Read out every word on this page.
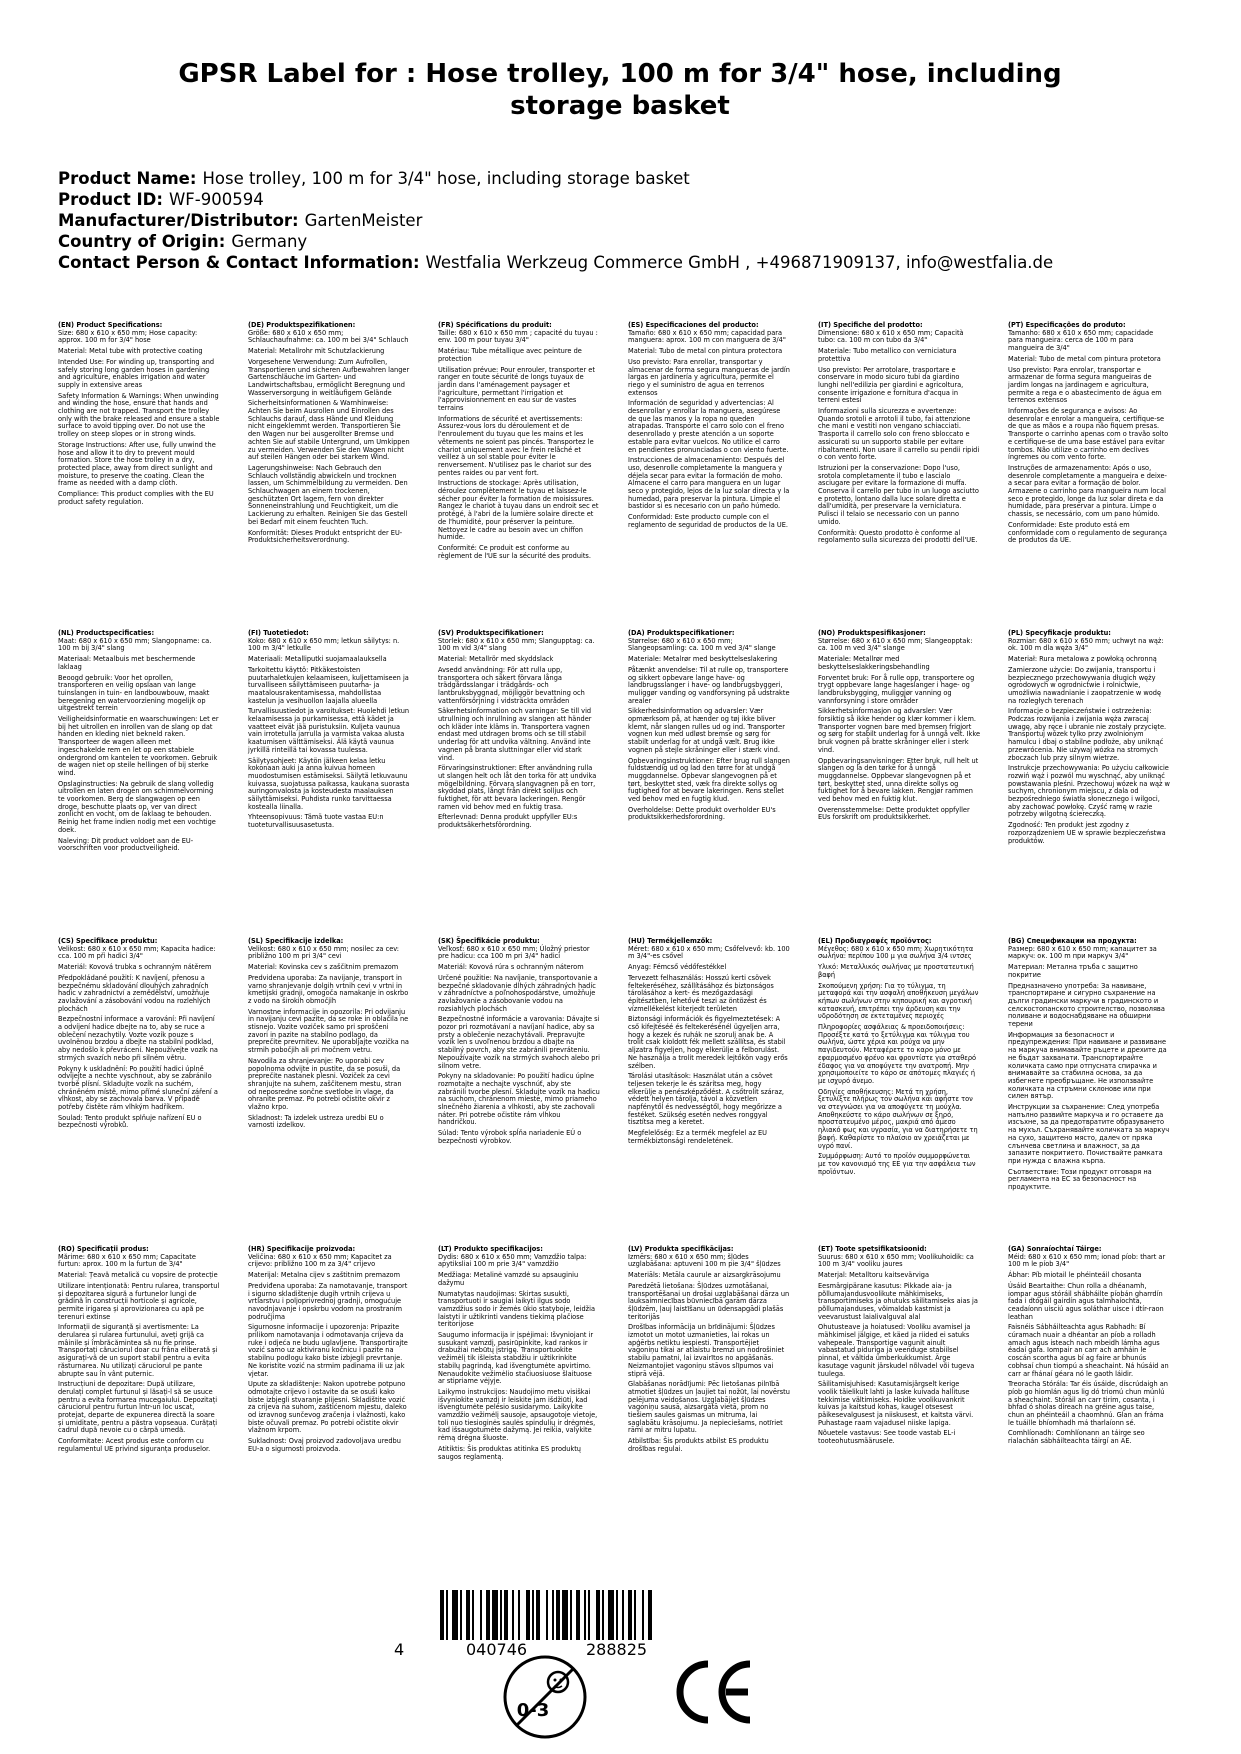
GPSR Label for : Hose trolley, 100 m for 3/4" hose, including storage basket
Product Name: Hose trolley, 100 m for 3/4" hose, including storage basket
Product ID: WF-900594
Manufacturer/Distributor: GartenMeister
Country of Origin: Germany
Contact Person & Contact Information: Westfalia Werkzeug Commerce GmbH , +496871909137, info@westfalia.de

(EN) Product Specifications:

Size: 680 x 610 x 650 mm; Hose capacity: approx. 100 m for 3/4" hose

Material: Metal tube with protective coating

Intended Use: For winding up, transporting and safely storing long garden hoses in gardening and agriculture, enables irrigation and water supply in extensive areas

Safety Information & Warnings: When unwinding and winding the hose, ensure that hands and clothing are not trapped. Transport the trolley only with the brake released and ensure a stable surface to avoid tipping over. Do not use the trolley on steep slopes or in strong winds.

Storage Instructions: After use, fully unwind the hose and allow it to dry to prevent mould formation. Store the hose trolley in a dry, protected place, away from direct sunlight and moisture, to preserve the coating. Clean the frame as needed with a damp cloth.

Compliance: This product complies with the EU product safety regulation.

(DE) Produktspezifikationen:

Größe: 680 x 610 x 650 mm; Schlauchaufnahme: ca. 100 m bei 3/4" Schlauch

Material: Metallrohr mit Schutzlackierung

Vorgesehene Verwendung: Zum Aufrollen, Transportieren und sicheren Aufbewahren langer Gartenschläuche im Garten- und Landwirtschaftsbau, ermöglicht Beregnung und Wasserversorgung in weitläufigem Gelände

Sicherheitsinformationen & Warnhinweise: Achten Sie beim Ausrollen und Einrollen des Schlauchs darauf, dass Hände und Kleidung nicht eingeklemmt werden. Transportieren Sie den Wagen nur bei ausgerollter Bremse und achten Sie auf stabile Untergrund, um Umkippen zu vermeiden. Verwenden Sie den Wagen nicht auf steilen Hängen oder bei starkem Wind.

Lagerungshinweise: Nach Gebrauch den Schlauch vollständig abwickeln und trocknen lassen, um Schimmelbildung zu vermeiden. Den Schlauchwagen an einem trockenen, geschützten Ort lagern, fern von direkter Sonneneinstrahlung und Feuchtigkeit, um die Lackierung zu erhalten. Reinigen Sie das Gestell bei Bedarf mit einem feuchten Tuch.

Konformität: Dieses Produkt entspricht der EU-Produktsicherheitsverordnung.

(FR) Spécifications du produit:

Taille: 680 x 610 x 650 mm ; capacité du tuyau : env. 100 m pour tuyau 3/4"

Matériau: Tube métallique avec peinture de protection

Utilisation prévue: Pour enrouler, transporter et ranger en toute sécurité de longs tuyaux de jardin dans l'aménagement paysager et l'agriculture, permettant l'irrigation et l'approvisionnement en eau sur de vastes terrains

Informations de sécurité et avertissements: Assurez-vous lors du déroulement et de l'enroulement du tuyau que les mains et les vêtements ne soient pas pincés. Transportez le chariot uniquement avec le frein relâché et veillez à un sol stable pour éviter le renversement. N'utilisez pas le chariot sur des pentes raides ou par vent fort.

Instructions de stockage: Après utilisation, déroulez complètement le tuyau et laissez-le sécher pour éviter la formation de moisissures. Rangez le chariot à tuyau dans un endroit sec et protégé, à l'abri de la lumière solaire directe et de l'humidité, pour préserver la peinture. Nettoyez le cadre au besoin avec un chiffon humide.

Conformité: Ce produit est conforme au règlement de l'UE sur la sécurité des produits.

(ES) Especificaciones del producto:

Tamaño: 680 x 610 x 650 mm; capacidad para manguera: aprox. 100 m con manguera de 3/4"

Material: Tubo de metal con pintura protectora

Uso previsto: Para enrollar, transportar y almacenar de forma segura mangueras de jardín largas en jardinería y agricultura, permite el riego y el suministro de agua en terrenos extensos

Información de seguridad y advertencias: Al desenrollar y enrollar la manguera, asegúrese de que las manos y la ropa no queden atrapadas. Transporte el carro solo con el freno desenrollado y preste atención a un soporte estable para evitar vuelcos. No utilice el carro en pendientes pronunciadas o con viento fuerte.

Instrucciones de almacenamiento: Después del uso, desenrolle completamente la manguera y déjela secar para evitar la formación de moho. Almacene el carro para manguera en un lugar seco y protegido, lejos de la luz solar directa y la humedad, para preservar la pintura. Limpie el bastidor si es necesario con un paño húmedo.

Conformidad: Este producto cumple con el reglamento de seguridad de productos de la UE.

(IT) Specifiche del prodotto:

Dimensione: 680 x 610 x 650 mm; Capacità tubo: ca. 100 m con tubo da 3/4"

Materiale: Tubo metallico con verniciatura protettiva

Uso previsto: Per arrotolare, trasportare e conservare in modo sicuro tubi da giardino lunghi nell'edilizia per giardini e agricoltura, consente irrigazione e fornitura d'acqua in terreni estesi

Informazioni sulla sicurezza e avvertenze: Quando srotoli e arrotoli il tubo, fai attenzione che mani e vestiti non vengano schiacciati. Trasporta il carrello solo con freno sbloccato e assicurati su un supporto stabile per evitare ribaltamenti. Non usare il carrello su pendii ripidi o con vento forte.

Istruzioni per la conservazione: Dopo l'uso, srotola completamente il tubo e lascialo asciugare per evitare la formazione di muffa. Conserva il carrello per tubo in un luogo asciutto e protetto, lontano dalla luce solare diretta e dall'umidità, per preservare la verniciatura. Pulisci il telaio se necessario con un panno umido.

Conformità: Questo prodotto è conforme al regolamento sulla sicurezza dei prodotti dell'UE.

(PT) Especificações do produto:

Tamanho: 680 x 610 x 650 mm; capacidade para mangueira: cerca de 100 m para mangueira de 3/4"

Material: Tubo de metal com pintura protetora

Uso previsto: Para enrolar, transportar e armazenar de forma segura mangueiras de jardim longas na jardinagem e agricultura, permite a rega e o abastecimento de água em terrenos extensos

Informações de segurança e avisos: Ao desenrolar e enrolar a mangueira, certifique-se de que as mãos e a roupa não fiquem presas. Transporte o carrinho apenas com o travão solto e certifique-se de uma base estável para evitar tombos. Não utilize o carrinho em declives íngremes ou com vento forte.

Instruções de armazenamento: Após o uso, desenrole completamente a mangueira e deixe-a secar para evitar a formação de bolor. Armazene o carrinho para mangueira num local seco e protegido, longe da luz solar direta e da humidade, para preservar a pintura. Limpe o chassis, se necessário, com um pano húmido.

Conformidade: Este produto está em conformidade com o regulamento de segurança de produtos da UE.

(NL) Productspecificaties:

Maat: 680 x 610 x 650 mm; Slangopname: ca. 100 m bij 3/4" slang

Materiaal: Metaalbuis met beschermende laklaag

Beoogd gebruik: Voor het oprollen, transporteren en veilig opslaan van lange tuinslangen in tuin- en landbouwbouw, maakt beregening en watervoorziening mogelijk op uitgestrekt terrein

Veiligheidsinformatie en waarschuwingen: Let er bij het uitrollen en inrollen van de slang op dat handen en kleding niet bekneld raken. Transporteer de wagen alleen met ingeschakelde rem en let op een stabiele ondergrond om kantelen te voorkomen. Gebruik de wagen niet op steile hellingen of bij sterke wind.

Opslaginstructies: Na gebruik de slang volledig uitrollen en laten drogen om schimmelvorming te voorkomen. Berg de slangwagen op een droge, beschutte plaats op, ver van direct zonlicht en vocht, om de laklaag te behouden. Reinig het frame indien nodig met een vochtige doek.

Naleving: Dit product voldoet aan de EU-voorschriften voor productveiligheid.

(FI) Tuotetiedot:

Koko: 680 x 610 x 650 mm; letkun säilytys: n. 100 m 3/4" letkulle

Materiaali: Metalliputki suojamaalauksella

Tarkoitettu käyttö: Pitkäkestoisten puutarhaletkujen kelaamiseen, kuljettamiseen ja turvalliseen säilyttämiseen puutarha- ja maatalousrakentamisessa, mahdollistaa kastelun ja vesihuollon laajalla alueella

Turvallisuustiedot ja varoitukset: Huolehdi letkun kelaamisessa ja purkamisessa, että kädet ja vaatteet eivät jää puristuksiin. Kuljeta vaunua vain irrotetulla jarrulla ja varmista vakaa alusta kaatumisen välttämiseksi. Älä käytä vaunua jyrkillä rinteillä tai kovassa tuulessa.

Säilytysohjeet: Käytön jälkeen kelaa letku kokonaan auki ja anna kuivua homeen muodostumisen estämiseksi. Säilytä letkuvaunu kuivassa, suojatussa paikassa, kaukana suorasta auringonvalosta ja kosteudesta maalauksen säilyttämiseksi. Puhdista runko tarvittaessa kostealla liinalla.

Yhteensopivuus: Tämä tuote vastaa EU:n tuoteturvallisuusasetusta.

(SV) Produktspecifikationer:

Storlek: 680 x 610 x 650 mm; Slangupptag: ca. 100 m vid 3/4" slang

Material: Metallrör med skyddslack

Avsedd användning: För att rulla upp, transportera och säkert förvara långa trädgårdsslangar i trädgårds- och lantbruksbyggnad, möjliggör bevattning och vattenförsörjning i vidsträckta områden

Säkerhetsinformation och varningar: Se till vid utrullning och inrullning av slangen att händer och kläder inte kläms in. Transportera vagnen endast med utdragen broms och se till stabil underlag för att undvika vältning. Använd inte vagnen på branta sluttningar eller vid stark vind.

Förvaringsinstruktioner: Efter användning rulla ut slangen helt och låt den torka för att undvika mögelbildning. Förvara slangvagnen på en torr, skyddad plats, långt från direkt solljus och fuktighet, för att bevara lackeringen. Rengör ramen vid behov med en fuktig trasa.

Efterlevnad: Denna produkt uppfyller EU:s produktsäkerhetsförordning.

(DA) Produktspecifikationer:

Størrelse: 680 x 610 x 650 mm; Slangeopsamling: ca. 100 m ved 3/4" slange

Materiale: Metalrør med beskyttelseslakering

Påtænkt anvendelse: Til at rulle op, transportere og sikkert opbevare lange have- og landbrugsslanger i have- og landbrugsbyggeri, muliggør vanding og vandforsyning på udstrakte arealer

Sikkerhedsinformation og advarsler: Vær opmærksom på, at hænder og tøj ikke bliver klemt, når slangen rulles ud og ind. Transporter vognen kun med udløst bremse og sørg for stabilt underlag for at undgå vælt. Brug ikke vognen på stejle skråninger eller i stærk vind.

Opbevaringsinstruktioner: Efter brug rull slangen fuldstændig ud og lad den tørre for at undgå muggdannelse. Opbevar slangevognen på et tørt, beskyttet sted, væk fra direkte sollys og fugtighed for at bevare lakeringen. Rens stellet ved behov med en fugtig klud.

Overholdelse: Dette produkt overholder EU's produktsikkerhedsforordning.

(NO) Produktspesifikasjoner:

Størrelse: 680 x 610 x 650 mm; Slangeopptak: ca. 100 m ved 3/4" slange

Materiale: Metallrør med beskyttelseslakkeringsbehandling

Forventet bruk: For å rulle opp, transportere og trygt oppbevare lange hageslanger i hage- og landbruksbygging, muliggjør vanning og vannforsyning i store områder

Sikkerhetsinformasjon og advarsler: Vær forsiktig så ikke hender og klær kommer i klem. Transporter vognen bare med bremsen frigjort og sørg for stabilt underlag for å unngå velt. Ikke bruk vognen på bratte skråninger eller i sterk vind.

Oppbevaringsanvisninger: Etter bruk, rull helt ut slangen og la den tørke for å unngå muggdannelse. Oppbevar slangevognen på et tørt, beskyttet sted, unna direkte sollys og fuktighet for å bevare lakken. Rengjør rammen ved behov med en fuktig klut.

Overensstemmelse: Dette produktet oppfyller EUs forskrift om produktsikkerhet.

(PL) Specyfikacje produktu:

Rozmiar: 680 x 610 x 650 mm; uchwyt na wąż: ok. 100 m dla węża 3/4"

Materiał: Rura metalowa z powłoką ochronną

Zamierzone użycie: Do zwijania, transportu i bezpiecznego przechowywania długich węży ogrodowych w ogrodnictwie i rolnictwie, umożliwia nawadnianie i zaopatrzenie w wodę na rozległych terenach

Informacje o bezpieczeństwie i ostrzeżenia: Podczas rozwijania i zwijania węża zwracaj uwagę, aby ręce i ubranie nie zostały przycięte. Transportuj wózek tylko przy zwolnionym hamulcu i dbaj o stabilne podłoże, aby uniknąć przewrócenia. Nie używaj wózka na stromych zboczach lub przy silnym wietrze.

Instrukcje przechowywania: Po użyciu całkowicie rozwiń wąż i pozwól mu wyschnąć, aby uniknąć powstawania pleśni. Przechowuj wózek na wąż w suchym, chronionym miejscu, z dala od bezpośredniego światła słonecznego i wilgoci, aby zachować powłokę. Czyść ramę w razie potrzeby wilgotną ściereczką.

Zgodność: Ten produkt jest zgodny z rozporządzeniem UE w sprawie bezpieczeństwa produktów.

(CS) Specifikace produktu:

Velikost: 680 x 610 x 650 mm; Kapacita hadice: cca. 100 m při hadici 3/4"

Materiál: Kovová trubka s ochranným nátěrem

Předpokládané použití: K navíjení, přenosu a bezpečnému skladování dlouhých zahradních hadic v zahradnictví a zemědělství, umožňuje zavlažování a zásobování vodou na rozlehlých plochách

Bezpečnostní informace a varování: Při navíjení a odvíjení hadice dbejte na to, aby se ruce a oblečení nezachytily. Vozte vozík pouze s uvolněnou brzdou a dbejte na stabilní podklad, aby nedošlo k převrácení. Nepoužívejte vozík na strmých svazích nebo při silném větru.

Pokyny k uskladnění: Po použití hadici úplně odvíjejte a nechte vyschnout, aby se zabránilo tvorbě plísní. Skladujte vozík na suchém, chráněném místě, mimo přímé sluneční záření a vlhkost, aby se zachovala barva. V případě potřeby čistěte rám vlhkým hadříkem.

Soulad: Tento produkt splňuje nařízení EU o bezpečnosti výrobků.

(SL) Specifikacije izdelka:

Velikost: 680 x 610 x 650 mm; nosilec za cev: približno 100 m pri 3/4" cevi

Material: Kovinska cev s zaščitnim premazom

Predvidena uporaba: Za navijanje, transport in varno shranjevanje dolgih vrtnih cevi v vrtni in kmetijski gradnji, omogoča namakanje in oskrbo z vodo na širokih območjih

Varnostne informacije in opozorila: Pri odvijanju in navijanju cevi pazite, da se roke in oblačila ne stisnejo. Vozite voziček samo pri sproščeni zavori in pazite na stabilno podlago, da preprečite prevrnitev. Ne uporabljajte vozička na strmih pobočjih ali pri močnem vetru.

Navodila za shranjevanje: Po uporabi cev popolnoma odvijte in pustite, da se posuši, da preprečite nastanek plesni. Voziček za cevi shranjujte na suhem, zaščitenem mestu, stran od neposredne sončne svetlobe in vlage, da ohranite premaz. Po potrebi očistite okvir z vlažno krpo.

Skladnost: Ta izdelek ustreza uredbi EU o varnosti izdelkov.

(SK) Špecifikácie produktu:

Veľkosť: 680 x 610 x 650 mm; Úložný priestor pre hadicu: cca 100 m pri 3/4" hadici

Materiál: Kovová rúra s ochranným náterom

Určené použitie: Na navíjanie, transportovanie a bezpečné skladovanie dlhých záhradných hadíc v záhradníctve a poľnohospodárstve, umožňuje zavlažovanie a zásobovanie vodou na rozsiahlych plochách

Bezpečnostné informácie a varovania: Dávajte si pozor pri rozmotávaní a navíjaní hadice, aby sa prsty a oblečenie nezachytávali. Prepravujte vozík len s uvoľnenou brzdou a dbajte na stabilný povrch, aby ste zabránili prevráteniu. Nepoužívajte vozík na strmých svahoch alebo pri silnom vetre.

Pokyny na skladovanie: Po použití hadicu úplne rozmotajte a nechajte vyschnúť, aby ste zabránili tvorbe plesní. Skladujte vozík na hadicu na suchom, chránenom mieste, mimo priameho slnečného žiarenia a vlhkosti, aby ste zachovali náter. Pri potrebe očistite rám vlhkou handričkou.

Súlad: Tento výrobok spĺňa nariadenie EÚ o bezpečnosti výrobkov.

(HU) Termékjellemzők:

Méret: 680 x 610 x 650 mm; Csőfelvevő: kb. 100 m 3/4"-es csővel

Anyag: Fémcső védőfestékkel

Tervezett felhasználás: Hosszú kerti csövek feltekeréséhez, szállításához és biztonságos tárolásához a kert- és mezőgazdasági építésztben, lehetővé teszi az öntözést és vízmellékelést kiterjedt területen

Biztonsági információk és figyelmeztetések: A cső kifejtéséé és feltekerésénél ügyeljen arra, hogy a kezek és ruhák ne szorulj anak be. A trolit csak kioldott fék mellett szállítsa, és stabil aljzatra figyeljen, hogy elkerülje a felborulást. Ne használja a trolit meredek lejtőkön vagy erős szélben.

Tárolási utasítások: Használat után a csövet teljesen tekerje le és szárítsa meg, hogy elkerülje a penészképződést. A csőtrolit száraz, védett helyen tárolja, távol a közvetlen napfénytől és nedvességtől, hogy megőrizze a festéket. Szükség esetén nedves ronggyal tisztítsa meg a keretet.

Megfelelőség: Ez a termék megfelel az EU termékbiztonsági rendeletének.

(EL) Προδιαγραφές προϊόντος:

Μέγεθος: 680 x 610 x 650 mm; Χωρητικότητα σωλήνα: περίπου 100 μ για σωλήνα 3/4 ιντσες

Υλικό: Μεταλλικός σωλήνας με προστατευτική βαφή

Σκοπούμενη χρήση: Για το τύλιγμα, τη μεταφορά και την ασφαλή αποθήκευση μεγάλων κήπων σωλήνων στην κηπουρική και αγροτική κατασκευή, επιτρέπει την άρδευση και την υδροδότηση σε εκτεταμένες περιοχές

Πληροφορίες ασφάλειας & προειδοποιήσεις: Προσέξτε κατά το ξετύλιγμα και τύλιγμα του σωλήνα, ώστε χέρια και ρούχα να μην παγιδευτούν. Μεταφέρετε το καρο μόνο με εφαρμοσμένο φρένο και φροντίστε για σταθερό έδαφος για να αποφύγετε την ανατροπή. Μην χρησιμοποιείτε το κάρο σε απότομες πλαγιές ή με ισχυρό άνεμο.

Οδηγίες αποθήκευσης: Μετά τη χρήση, ξετυλίξτε πλήρως τον σωλήνα και αφήστε τον να στεγνώσει για να αποφύγετε τη μούχλα. Αποθηκεύστε το κάρο σωλήνων σε ξηρό, προστατευμένο μέρος, μακριά από άμεσο ηλιακό φως και υγρασία, για να διατηρήσετε τη βαφή. Καθαρίστε το πλαίσιο αν χρειάζεται με υγρό πανί.

Συμμόρφωση: Αυτό το προϊόν συμμορφώνεται με τον κανονισμό της ΕΕ για την ασφάλεια των προϊόντων.

(BG) Спецификации на продукта:

Размер: 680 x 610 x 650 mm; капацитет за маркуч: ок. 100 m при маркуч 3/4"

Материал: Метална тръба с защитно покритие

Предназначено употреба: За навиване, транспортиране и сигурно съхранение на дълги градински маркучи в градинското и селскостопанското строителство, позволява поливане и водоснабдяване на обширни терени

Информация за безопасност и предупреждения: При навиване и развиване на маркуча внимавайте ръцете и дрехите да не бъдат захванати. Транспортирайте количката само при отпусната спирачка и внимавайте за стабилна основа, за да избегнете преобръщане. Не използвайте количката на стръмни склонове или при силен вятър.

Инструкции за съхранение: След употреба напълно развийте маркуча и го оставете да изсъхне, за да предотвратите образуването на мухъл. Съхранявайте количката за маркуч на сухо, защитено място, далеч от пряка слънчева светлина и влажност, за да запазите покритието. Почиствайте рамката при нужда с влажна кърпа.

Съответствие: Този продукт отговаря на регламента на ЕС за безопасност на продуктите.

(RO) Specificații produs:

Mărime: 680 x 610 x 650 mm; Capacitate furtun: aprox. 100 m la furtun de 3/4"

Material: Țeavă metalică cu vopsire de protecție

Utilizare intenționată: Pentru rularea, transportul și depozitarea sigură a furtunelor lungi de grădină în construcții horticole și agricole, permite irigarea și aprovizionarea cu apă pe terenuri extinse

Informații de siguranță și avertismente: La derularea și rularea furtunului, aveți grijă ca mâinile și îmbrăcămintea să nu fie prinse. Transportați căruciorul doar cu frâna eliberată și asigurați-vă de un suport stabil pentru a evita răsturnarea. Nu utilizați căruciorul pe pante abrupte sau în vânt puternic.

Instrucțiuni de depozitare: După utilizare, derulați complet furtunul și lăsați-l să se usuce pentru a evita formarea mucegaiului. Depozitați căruciorul pentru furtun într-un loc uscat, protejat, departe de expunerea directă la soare și umiditate, pentru a păstra vopseaua. Curățați cadrul după nevoie cu o cârpă umedă.

Conformitate: Acest produs este conform cu regulamentul UE privind siguranța produselor.

(HR) Specifikacije proizvoda:

Veličina: 680 x 610 x 650 mm; Kapacitet za crijevo: približno 100 m za 3/4" crijevo

Materijal: Metalna cijev s zaštitnim premazom

Predviđena uporaba: Za namotavanje, transport i sigurno skladištenje dugih vrtnih crijeva u vrtlarstvu i poljoprivrednoj gradnji, omogućuje navodnjavanje i opskrbu vodom na prostranim područjima

Sigurnosne informacije i upozorenja: Pripazite prilikom namotavanja i odmotavanja crijeva da ruke i odjeća ne budu uglavljene. Transportirajte vozić samo uz aktiviranu kočnicu i pazite na stabilnu podlogu kako biste izbjegli prevrtanje. Ne koristite vozić na strmim padinama ili uz jak vjetar.

Upute za skladištenje: Nakon upotrebe potpuno odmotajte crijevo i ostavite da se osuši kako biste izbjegli stvaranje plijesni. Skladištite vozić za crijeva na suhom, zaštićenom mjestu, daleko od izravnog sunčevog zračenja i vlažnosti, kako biste očuvali premaz. Po potrebi očistite okvir vlažnom krpom.

Sukladnost: Ovaj proizvod zadovoljava uredbu EU-a o sigurnosti proizvoda.

(LT) Produkto specifikacijos:

Dydis: 680 x 610 x 650 mm; Vamzdžio talpa: apytiksliai 100 m prie 3/4" vamzdžio

Medžiaga: Metalinė vamzdė su apsauginiu dažymu

Numatytas naudojimas: Skirtas susukti, transportuoti ir saugiai laikyti ilgus sodo vamzdžius sodo ir žemės ūkio statyboje, leidžia laistyti ir užtikrinti vandens tiekimą plačiose teritorijose

Saugumo informacija ir įspėjimai: Išvyniojant ir susukant vamzdį, pasirūpinkite, kad rankos ir drabužiai nebūtų įstrigę. Transportuokite vežimėlį tik išleista stabdžiu ir užtikrinkite stabilų pagrindą, kad išvengtumėte apvirtimo. Nenaudokite vežimėlio stačiuosiuose šlaituose ar stipriame vėjyje.

Laikymo instrukcijos: Naudojimo metu visiškai išvyniokite vamzdį ir leiskite jam išdžiūti, kad išvengtumėte pelėsio susidarymo. Laikykite vamzdžio vežimėlį sausoje, apsaugotoje vietoje, toli nuo tiesioginės saulės spindulių ir drėgmės, kad išsaugotumėte dažymą. Jei reikia, valykite rėmą drėgna šluoste.

Atitiktis: Šis produktas atitinka ES produktų saugos reglamentą.

(LV) Produkta specifikācijas:

Izmērs: 680 x 610 x 650 mm; šļūdes uzglabāšana: aptuveni 100 m pie 3/4" šļūdzes

Materiāls: Metāla caurule ar aizsargkrāsojumu

Paredzētā lietošana: Šļūdzes uzmotāšanai, transportēšanai un drošai uzglabāšanai dārza un lauksaimniecības būvniecībā garām dārza šļūdzēm, ļauj laistīšanu un ūdensapgādi plašās teritorijās

Drošības informācija un brīdinājumi: Šļūdzes izmotot un motot uzmanieties, lai rokas un apģērbs netiktu iespiesti. Transportējiet vagoniņu tikai ar atlaistu bremzi un nodrošiniet stabilu pamatni, lai izvairītos no apgāšanās. Neizmantojiet vagoniņu stāvos slīpumos vai stiprā vējā.

Glabāšanas norādījumi: Pēc lietošanas pilnībā atmotiet šļūdzes un ļaujiet tai nožūt, lai novērstu pelējuma veidošanos. Uzglabājiet šļūdzes vagoniņu sausā, aizsargātā vietā, prom no tiešiem saules gaismas un mitruma, lai saglabātu krāsojumu. Ja nepieciešams, notīriet rāmi ar mitru lupatu.

Atbilstība: Šis produkts atbilst ES produktu drošības regulai.

(ET) Toote spetsifikatsioonid:

Suurus: 680 x 610 x 650 mm; Voolikuhoidik: ca 100 m 3/4" vooliku jaures

Materjal: Metalltoru kaitsevärviga

Eesmärgipärane kasutus: Pikkade aia- ja põllumajandusvoolikute mähkimiseks, transportimiseks ja ohutuks säilitamiseks aias ja põllumajanduses, võimaldab kastmist ja veevarustust laialivalguval alal

Ohutusteave ja hoiatused: Vooliku avamisel ja mähkimisel jälgige, et käed ja riided ei satuks vahepeale. Transportige vagunit ainult vabastatud piduriga ja veenduge stabiilsel pinnal, et vältida ümberkukkumist. Ärge kasutage vagunit järskudel nõlvadel või tugeva tuulega.

Säilitamisjuhised: Kasutamisjärgselt kerige voolik täielikult lahti ja laske kuivada hallituse tekkimise vältimiseks. Hoidke voolikuvankrit kuivas ja kaitstud kohas, kaugel otsesest päikesevalgusest ja niiskusest, et kaitsta värvi. Puhastage raam vajadusel niiske lapiga.

Nõuetele vastavus: See toode vastab EL-i tooteohutusmäärusele.

(GA) Sonraíochtaí Táirge:

Méid: 680 x 610 x 650 mm; ionad píob: thart ar 100 m le píob 3/4"

Ábhar: Píb miotail le phéinteáil chosanta

Úsáid Beartaithe: Chun rolla a dhéanamh, iompar agus stóráil shábháilte píobán gharrdín fada i dtógáil gairdín agus talmhaíochta, ceadaíonn uisciú agus soláthar uisce i dtír-raon leathan

Faisnéis Sábháilteachta agus Rabhadh: Bí cúramach nuair a dhéantar an píob a rolladh amach agus isteach nach mbeidh lámha agus éadaí gafa. Iompair an carr ach amháin le coscán scortha agus bí ag faire ar bhunús cobhsaí chun tiompú a sheachaint. Ná húsáid an carr ar fhánaí géara nó le gaoth láidir.

Treoracha Stórála: Tar éis úsáide, díscrúdaigh an píob go hiomlán agus lig dó triomú chun múnlú a sheachaint. Stóráil an carr tirim, cosanta, i bhfad ó sholas díreach na gréine agus taise, chun an phéinteáil a chaomhnú. Glan an fráma le tuáille bhíomhadh má tharlaíonn sé.

Comhlíonadh: Comhlíonann an táirge seo rialachán sábháilteachta táirgí an AE.

4	040746	288825
0-3
